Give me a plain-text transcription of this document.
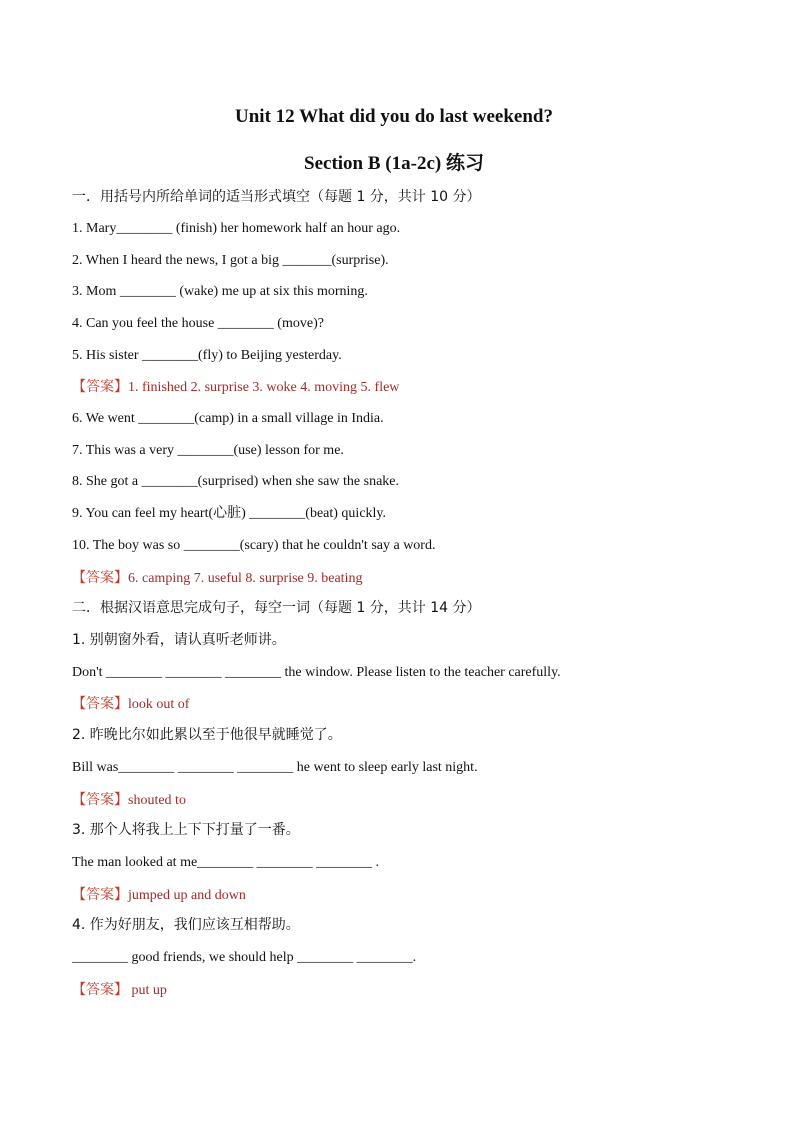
Unit 12 What did you do last weekend?
Section B (1a-2c) 练习
一．用括号内所给单词的适当形式填空（每题 1 分，共计 10 分）
1. Mary________ (finish) her homework half an hour ago.
2. When I heard the news, I got a big _______(surprise).
3. Mom ________ (wake) me up at six this morning.
4. Can you feel the house ________ (move)?
5. His sister ________(fly) to Beijing yesterday.
【答案】1. finished 2. surprise 3. woke 4. moving 5. flew
6. We went ________(camp) in a small village in India.
7. This was a very ________(use) lesson for me.
8. She got a ________(surprised) when she saw the snake.
9. You can feel my heart(心脏) ________(beat) quickly.
10. The boy was so ________(scary) that he couldn't say a word.
【答案】6. camping 7. useful 8. surprise 9. beating
二．根据汉语意思完成句子，每空一词（每题 1 分，共计 14 分）
1. 别朝窗外看，请认真听老师讲。
Don't ________ ________ ________ the window. Please listen to the teacher carefully.
【答案】look out of
2. 昨晚比尔如此累以至于他很早就睡觉了。
Bill was________ ________ ________ he went to sleep early last night.
【答案】shouted to
3. 那个人将我上上下下打量了一番。
The man looked at me________ ________ ________ .
【答案】jumped up and down
4. 作为好朋友，我们应该互相帮助。
________ good friends, we should help ________ ________.
【答案】 put up
